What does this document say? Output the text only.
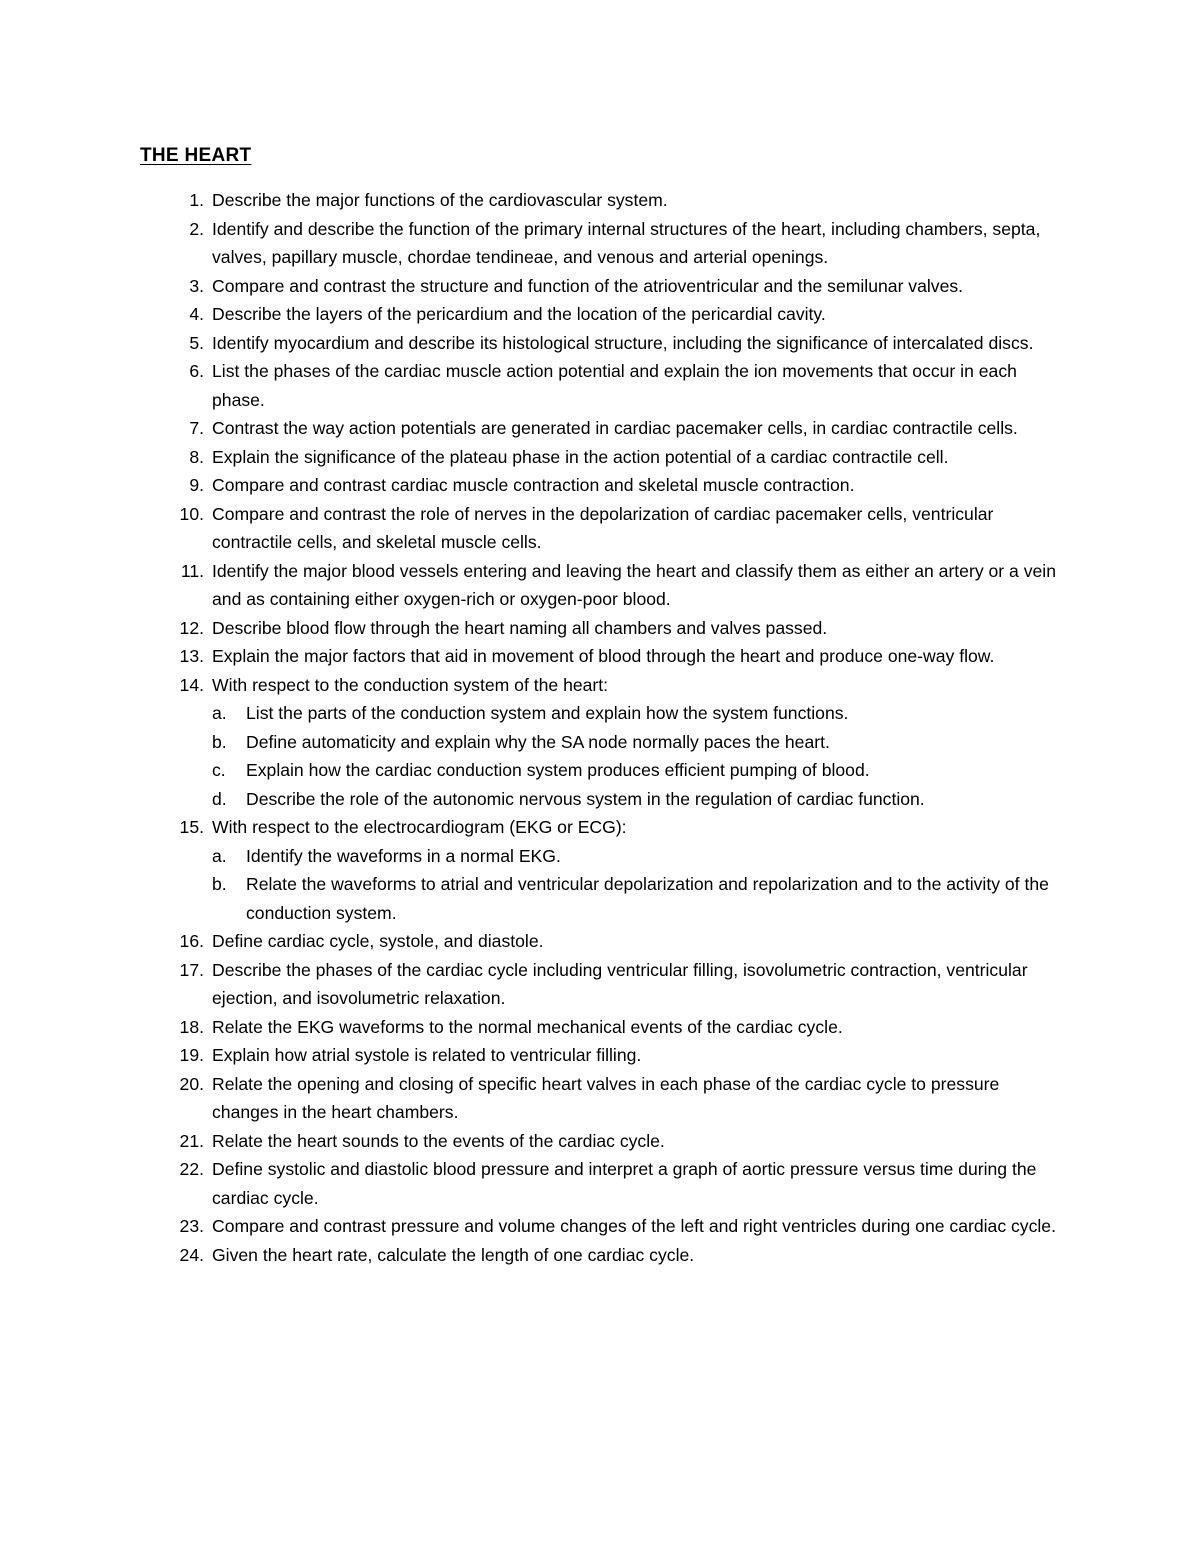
THE HEART
1. Describe the major functions of the cardiovascular system.
2. Identify and describe the function of the primary internal structures of the heart, including chambers, septa, valves, papillary muscle, chordae tendineae, and venous and arterial openings.
3. Compare and contrast the structure and function of the atrioventricular and the semilunar valves.
4. Describe the layers of the pericardium and the location of the pericardial cavity.
5. Identify myocardium and describe its histological structure, including the significance of intercalated discs.
6. List the phases of the cardiac muscle action potential and explain the ion movements that occur in each phase.
7. Contrast the way action potentials are generated in cardiac pacemaker cells, in cardiac contractile cells.
8. Explain the significance of the plateau phase in the action potential of a cardiac contractile cell.
9. Compare and contrast cardiac muscle contraction and skeletal muscle contraction.
10. Compare and contrast the role of nerves in the depolarization of cardiac pacemaker cells, ventricular contractile cells, and skeletal muscle cells.
11. Identify the major blood vessels entering and leaving the heart and classify them as either an artery or a vein and as containing either oxygen-rich or oxygen-poor blood.
12. Describe blood flow through the heart naming all chambers and valves passed.
13. Explain the major factors that aid in movement of blood through the heart and produce one-way flow.
14. With respect to the conduction system of the heart:
a.	List the parts of the conduction system and explain how the system functions.
b.	Define automaticity and explain why the SA node normally paces the heart.
c.	Explain how the cardiac conduction system produces efficient pumping of blood.
d.	Describe the role of the autonomic nervous system in the regulation of cardiac function.
15. With respect to the electrocardiogram (EKG or ECG):
a.	Identify the waveforms in a normal EKG.
b.	Relate the waveforms to atrial and ventricular depolarization and repolarization and to the activity of the conduction system.
16. Define cardiac cycle, systole, and diastole.
17. Describe the phases of the cardiac cycle including ventricular filling, isovolumetric contraction, ventricular ejection, and isovolumetric relaxation.
18. Relate the EKG waveforms to the normal mechanical events of the cardiac cycle.
19. Explain how atrial systole is related to ventricular filling.
20. Relate the opening and closing of specific heart valves in each phase of the cardiac cycle to pressure changes in the heart chambers.
21. Relate the heart sounds to the events of the cardiac cycle.
22. Define systolic and diastolic blood pressure and interpret a graph of aortic pressure versus time during the cardiac cycle.
23. Compare and contrast pressure and volume changes of the left and right ventricles during one cardiac cycle.
24. Given the heart rate, calculate the length of one cardiac cycle.
